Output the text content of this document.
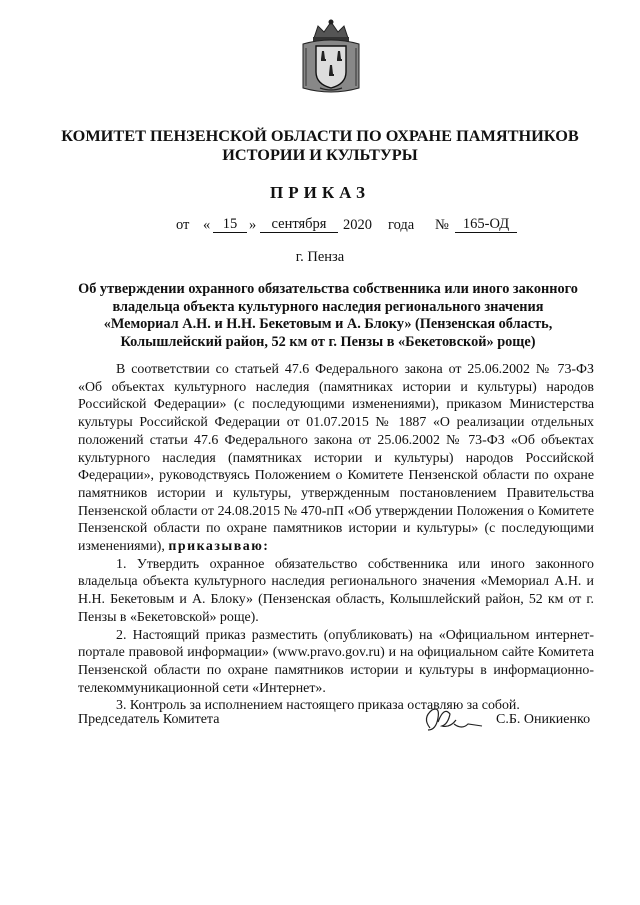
КОМИТЕТ ПЕНЗЕНСКОЙ ОБЛАСТИ ПО ОХРАНЕ ПАМЯТНИКОВ
ИСТОРИИ И КУЛЬТУРЫ
ПРИКАЗ
от « 15 »	сентября	2020 года № 165-ОД
г. Пенза
Об утверждении охранного обязательства собственника или иного законного владельца объекта культурного наследия регионального значения «Мемориал А.Н. и Н.Н. Бекетовым и А. Блоку» (Пензенская область, Колышлейский район, 52 км от г. Пензы в «Бекетовской» роще)

В соответствии со статьей 47.6 Федерального закона от 25.06.2002 № 73-ФЗ «Об объектах культурного наследия (памятниках истории и культуры) народов Российской Федерации» (с последующими изменениями), приказом Министерства культуры Российской Федерации от 01.07.2015 № 1887 «О реализации отдельных положений статьи 47.6 Федерального закона от 25.06.2002 № 73-ФЗ «Об объектах культурного наследия (памятниках истории и культуры) народов Российской Федерации», руководствуясь Положением о Комитете Пензенской области по охране памятников истории и культуры, утвержденным постановлением Правительства Пензенской области от 24.08.2015 № 470-пП «Об утверждении Положения о Комитете Пензенской области по охране памятников истории и культуры» (с последующими изменениями), приказываю:

1. Утвердить охранное обязательство собственника или иного законного владельца объекта культурного наследия регионального значения «Мемориал А.Н. и Н.Н. Бекетовым и А. Блоку» (Пензенская область, Колышлейский район, 52 км от г. Пензы в «Бекетовской» роще).

2. Настоящий приказ разместить (опубликовать) на «Официальном интернет-портале правовой информации» (www.pravo.gov.ru) и на официальном сайте Комитета Пензенской области по охране памятников истории и культуры в информационно-телекоммуникационной сети «Интернет».

3. Контроль за исполнением настоящего приказа оставляю за собой.

Председатель Комитета	С.Б. Оникиенко
